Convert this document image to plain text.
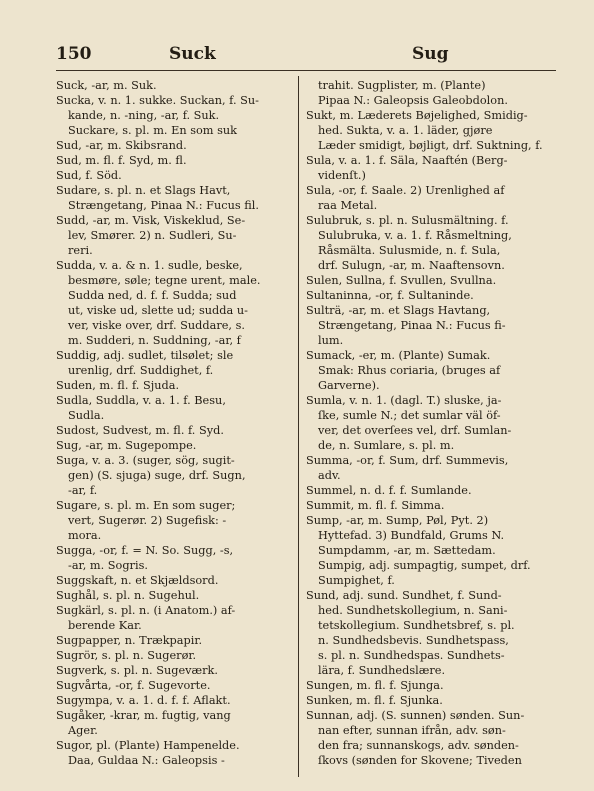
150	Suck	Sug
Suck, -ar, m. Suk.
Sucka, v. n. 1. sukke. Suckan, f. Su-
kande, n. -ning, -ar, f. Suk.
Suckare, s. pl. m. En som suk
Sud, -ar, m. Skibsrand.
Sud, m. fl. f. Syd, m. fl.
Sud, f. Söd.
Sudare, s. pl. n. et Slags Havt,
Strængetang, Pinaa N.: Fucus fil.
Sudd, -ar, m. Visk, Viskeklud, Se-
lev, Smører. 2) n. Sudleri, Su-
reri.
Sudda, v. a. & n. 1. sudle, beske,
besmøre, søle; tegne urent, male.
Sudda ned, d. f. f. Sudda; sud
ut, viske ud, slette ud; sudda u-
ver, viske over, drf. Suddare, s.
m. Sudderi, n. Suddning, -ar, f
Suddig, adj. sudlet, tilsølet; sle
urenlig, drf. Suddighet, f.
Suden, m. fl. f. Sjuda.
Sudla, Suddla, v. a. 1. f. Besu,
Sudla.
Sudost, Sudvest, m. fl. f. Syd.
Sug, -ar, m. Sugepompe.
Suga, v. a. 3. (suger, sög, sugit-
gen) (S. sjuga) suge, drf. Sugn,
-ar, f.
Sugare, s. pl. m. En som suger;
vert, Sugerør. 2) Sugefisk: -
mora.
Sugga, -or, f. = N. So. Sugg, -s,
-ar, m. Sogris.
Suggskaft, n. et Skjældsord.
Sughål, s. pl. n. Sugehul.
Sugkärl, s. pl. n. (i Anatom.) af-
berende Kar.
Sugpapper, n. Trækpapir.
Sugrör, s. pl. n. Sugerør.
Sugverk, s. pl. n. Sugeværk.
Sugvårta, -or, f. Sugevorte.
Sugympa, v. a. 1. d. f. f. Aflakt.
Sugåker, -krar, m. fugtig, vang
Ager.
Sugor, pl. (Plante) Hampenelde.
Daa, Guldaa N.: Galeopsis -
trahit. Sugplister, m. (Plante)
Pipaa N.: Galeopsis Galeobdolon.
Sukt, m. Læderets Bøjelighed, Smidig-
hed. Sukta, v. a. 1. läder, gjøre
Læder smidigt, bøjligt, drf. Suktning, f.
Sula, v. a. 1. f. Säla, Naaftén (Berg-
videnſt.)
Sula, -or, f. Saale. 2) Urenlighed af
raa Metal.
Sulubruk, s. pl. n. Sulusmältning. f.
Sulubruka, v. a. 1. f. Råsmeltning,
Råsmälta. Sulusmide, n. f. Sula,
drf. Sulugn, -ar, m. Naaftensovn.
Sulen, Sullna, f. Svullen, Svullna.
Sultaninna, -or, f. Sultaninde.
Sulträ, -ar, m. et Slags Havtang,
Strængetang, Pinaa N.: Fucus fi-
lum.
Sumack, -er, m. (Plante) Sumak.
Smak: Rhus coriaria, (bruges af
Garverne).
Sumla, v. n. 1. (dagl. T.) sluske, ja-
ſke, sumle N.; det sumlar väl öf-
ver, det overſees vel, drf. Sumlan-
de, n. Sumlare, s. pl. m.
Summa, -or, f. Sum, drf. Summevis,
adv.
Summel, n. d. f. f. Sumlande.
Summit, m. fl. f. Simma.
Sump, -ar, m. Sump, Pøl, Pyt. 2)
Hyttefad. 3) Bundfald, Grums N.
Sumpdamm, -ar, m. Sættedam.
Sumpig, adj. sumpagtig, sumpet, drf.
Sumpighet, f.
Sund, adj. sund. Sundhet, f. Sund-
hed. Sundhetskollegium, n. Sani-
tetskollegium. Sundhetsbref, s. pl.
n. Sundhedsbevis. Sundhetspass,
s. pl. n. Sundhedspas. Sundhets-
lära, f. Sundhedslære.
Sungen, m. fl. f. Sjunga.
Sunken, m. fl. f. Sjunka.
Sunnan, adj. (S. sunnen) sønden. Sun-
nan efter, sunnan ifrån, adv. søn-
den fra; sunnanskogs, adv. sønden-
ſkovs (sønden for Skovene; Tiveden
